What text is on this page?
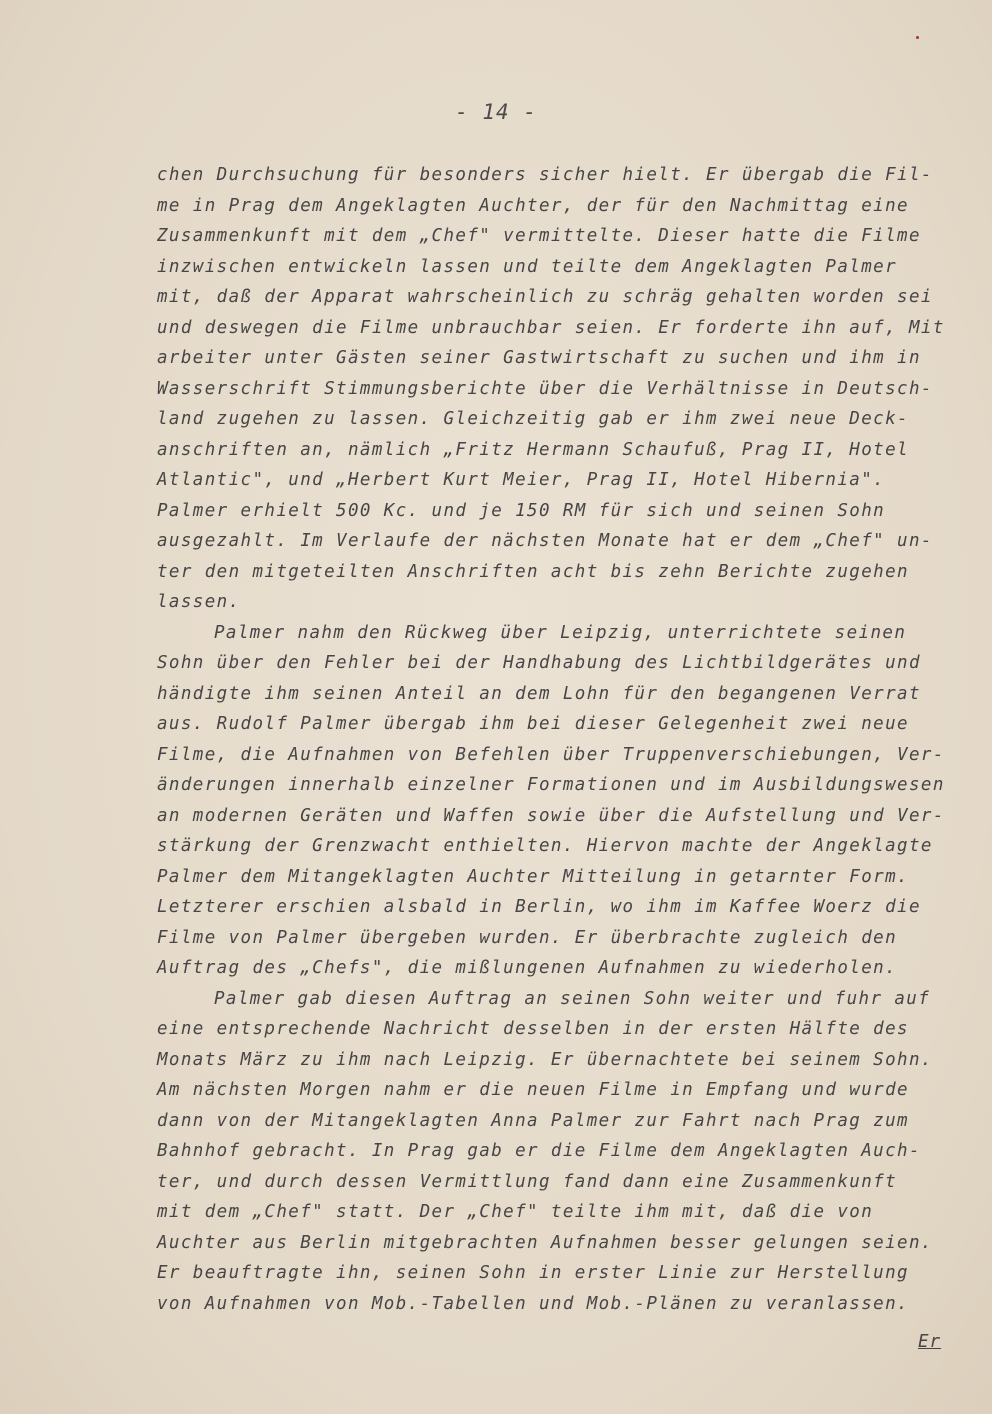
- 14 -
chen Durchsuchung für besonders sicher hielt. Er übergab die Fil-
me in Prag dem Angeklagten Auchter, der für den Nachmittag eine
Zusammenkunft mit dem „Chef" vermittelte. Dieser hatte die Filme
inzwischen entwickeln lassen und teilte dem Angeklagten Palmer
mit, daß der Apparat wahrscheinlich zu schräg gehalten worden sei
und deswegen die Filme unbrauchbar seien. Er forderte ihn auf, Mit
arbeiter unter Gästen seiner Gastwirtschaft zu suchen und ihm in
Wasserschrift Stimmungsberichte über die Verhältnisse in Deutsch-
land zugehen zu lassen. Gleichzeitig gab er ihm zwei neue Deck-
anschriften an, nämlich „Fritz Hermann Schaufuß, Prag II, Hotel
Atlantic", und „Herbert Kurt Meier, Prag II, Hotel Hibernia".
Palmer erhielt 500 Kc. und je 150 RM für sich und seinen Sohn
ausgezahlt. Im Verlaufe der nächsten Monate hat er dem „Chef" un-
ter den mitgeteilten Anschriften acht bis zehn Berichte zugehen
lassen.
Palmer nahm den Rückweg über Leipzig, unterrichtete seinen
Sohn über den Fehler bei der Handhabung des Lichtbildgerätes und
händigte ihm seinen Anteil an dem Lohn für den begangenen Verrat
aus. Rudolf Palmer übergab ihm bei dieser Gelegenheit zwei neue
Filme, die Aufnahmen von Befehlen über Truppenverschiebungen, Ver-
änderungen innerhalb einzelner Formationen und im Ausbildungswesen
an modernen Geräten und Waffen sowie über die Aufstellung und Ver-
stärkung der Grenzwacht enthielten. Hiervon machte der Angeklagte
Palmer dem Mitangeklagten Auchter Mitteilung in getarnter Form.
Letzterer erschien alsbald in Berlin, wo ihm im Kaffee Woerz die
Filme von Palmer übergeben wurden. Er überbrachte zugleich den
Auftrag des „Chefs", die mißlungenen Aufnahmen zu wiederholen.
Palmer gab diesen Auftrag an seinen Sohn weiter und fuhr auf
eine entsprechende Nachricht desselben in der ersten Hälfte des
Monats März zu ihm nach Leipzig. Er übernachtete bei seinem Sohn.
Am nächsten Morgen nahm er die neuen Filme in Empfang und wurde
dann von der Mitangeklagten Anna Palmer zur Fahrt nach Prag zum
Bahnhof gebracht. In Prag gab er die Filme dem Angeklagten Auch-
ter, und durch dessen Vermittlung fand dann eine Zusammenkunft
mit dem „Chef" statt. Der „Chef" teilte ihm mit, daß die von
Auchter aus Berlin mitgebrachten Aufnahmen besser gelungen seien.
Er beauftragte ihn, seinen Sohn in erster Linie zur Herstellung
von Aufnahmen von Mob.-Tabellen und Mob.-Plänen zu veranlassen.
Er
